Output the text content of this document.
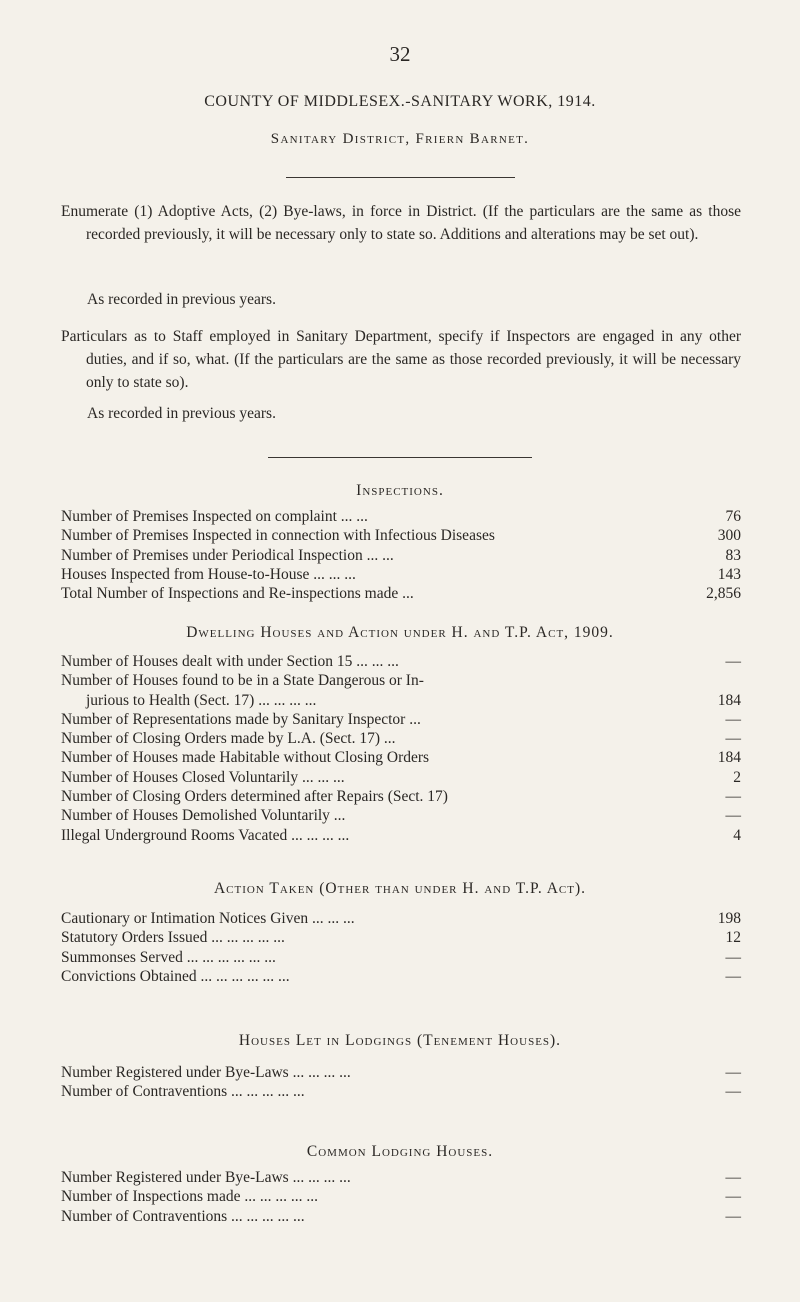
32
COUNTY OF MIDDLESEX.-SANITARY WORK, 1914.
Sanitary District, Friern Barnet.
Enumerate (1) Adoptive Acts, (2) Bye-laws, in force in District. (If the particulars are the same as those recorded previously, it will be necessary only to state so. Additions and alterations may be set out).
As recorded in previous years.
Particulars as to Staff employed in Sanitary Department, specify if Inspectors are engaged in any other duties, and if so, what. (If the particulars are the same as those recorded previously, it will be necessary only to state so).
As recorded in previous years.
Inspections.
Number of Premises Inspected on complaint ... ...	76
Number of Premises Inspected in connection with Infectious Diseases	300
Number of Premises under Periodical Inspection ... ...	83
Houses Inspected from House-to-House ... ... ...	143
Total Number of Inspections and Re-inspections made ...	2,856
Dwelling Houses and Action under H. and T.P. Act, 1909.
Number of Houses dealt with under Section 15 ... ... ...	—
Number of Houses found to be in a State Dangerous or In-
jurious to Health (Sect. 17) ... ... ... ...	184
Number of Representations made by Sanitary Inspector ...	—
Number of Closing Orders made by L.A. (Sect. 17) ...	—
Number of Houses made Habitable without Closing Orders	184
Number of Houses Closed Voluntarily ... ... ...	2
Number of Closing Orders determined after Repairs (Sect. 17)	—
Number of Houses Demolished Voluntarily ...	—
Illegal Underground Rooms Vacated ... ... ... ...	4
Action Taken (Other than under H. and T.P. Act).
Cautionary or Intimation Notices Given ... ... ...	198
Statutory Orders Issued ... ... ... ... ...	12
Summonses Served ... ... ... ... ... ...	—
Convictions Obtained ... ... ... ... ... ...	—
Houses Let in Lodgings (Tenement Houses).
Number Registered under Bye-Laws ... ... ... ...	—
Number of Contraventions ... ... ... ... ...	—
Common Lodging Houses.
Number Registered under Bye-Laws ... ... ... ...	—
Number of Inspections made ... ... ... ... ...	—
Number of Contraventions ... ... ... ... ...	—
